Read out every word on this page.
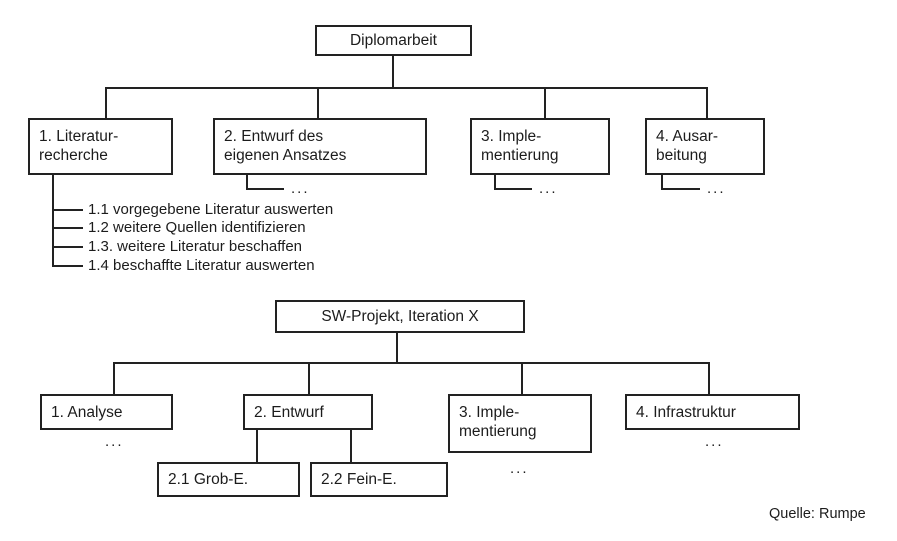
Diplomarbeit
1. Literatur-
recherche
2. Entwurf des
eigenen Ansatzes
3. Imple-
mentierung
4. Ausar-
beitung
...	...	...
1.1 vorgegebene Literatur auswerten
1.2 weitere Quellen identifizieren
1.3. weitere Literatur beschaffen
1.4 beschaffte Literatur auswerten
SW-Projekt, Iteration X
1. Analyse	2. Entwurf	3. Imple-
mentierung
4. Infrastruktur
...
...
...
2.1 Grob-E.	2.2 Fein-E.
Quelle: Rumpe
